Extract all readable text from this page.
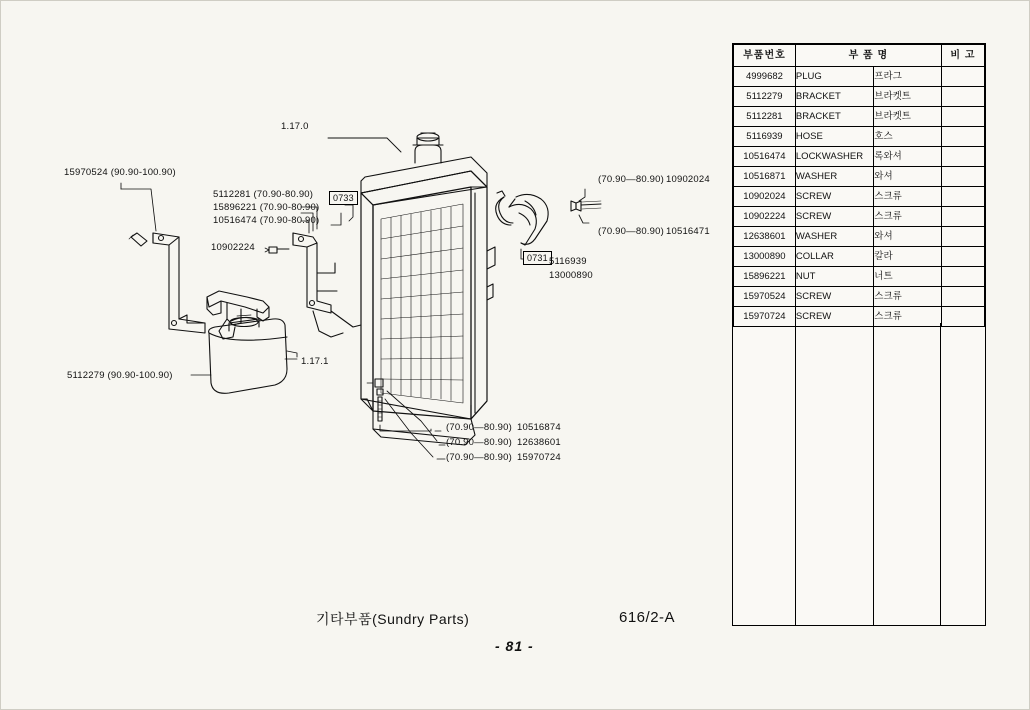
1.17.0
1.17.1
15970524 (90.90-100.90)
5112279 (90.90-100.90)
5112281 (70.90-80.90)
15896221 (70.90-80.90)
10516474 (70.90-80.90)
10902224
0733
0731 5116939
13000890
(70.90—80.90) 10902024
(70.90—80.90) 10516471
(70.90—80.90) 10516874
(70.90—80.90) 12638601
(70.90—80.90) 15970724
부품번호	부 품 명		비 고
4999682	PLUG	프라그	
5112279	BRACKET	브라켓트	
5112281	BRACKET	브라켓트	
5116939	HOSE	호스	
10516474	LOCKWASHER	록와셔	
10516871	WASHER	와셔	
10902024	SCREW	스크류	
10902224	SCREW	스크류	
12638601	WASHER	와셔	
13000890	COLLAR	칼라	
15896221	NUT	너트	
15970524	SCREW	스크류	
15970724	SCREW	스크류	
기타부품(Sundry Parts)	616/2-A
- 81 -
